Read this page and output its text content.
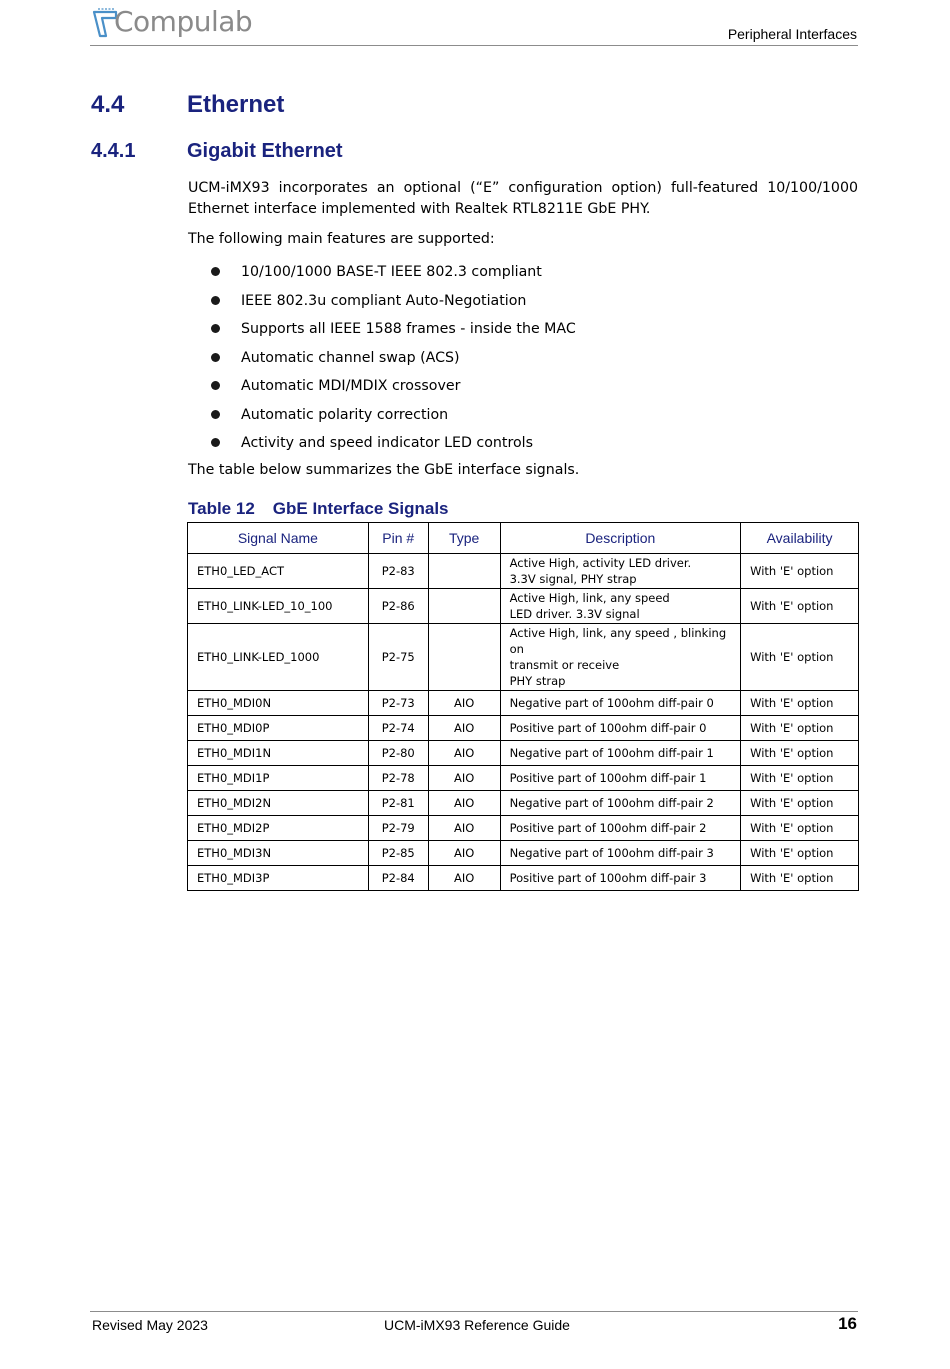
Compulab	Peripheral Interfaces
4.4	Ethernet
4.4.1	Gigabit Ethernet
UCM-iMX93 incorporates an optional (“E” configuration option) full-featured 10/100/1000 Ethernet interface implemented with Realtek RTL8211E GbE PHY.
The following main features are supported:
10/100/1000 BASE-T IEEE 802.3 compliant
IEEE 802.3u compliant Auto-Negotiation
Supports all IEEE 1588 frames - inside the MAC
Automatic channel swap (ACS)
Automatic MDI/MDIX crossover
Automatic polarity correction
Activity and speed indicator LED controls
The table below summarizes the GbE interface signals.
Table 12 GbE Interface Signals
Signal Name	Pin #	Type	Description	Availability
ETH0_LED_ACT	P2-83		Active High, activity LED driver.
3.3V signal, PHY strap	With 'E' option
ETH0_LINK-LED_10_100	P2-86		Active High, link, any speed
LED driver. 3.3V signal	With 'E' option
ETH0_LINK-LED_1000	P2-75		Active High, link, any speed , blinking on
transmit or receive
PHY strap	With 'E' option
ETH0_MDI0N	P2-73	AIO	Negative part of 100ohm diff-pair 0	With 'E' option
ETH0_MDI0P	P2-74	AIO	Positive part of 100ohm diff-pair 0	With 'E' option
ETH0_MDI1N	P2-80	AIO	Negative part of 100ohm diff-pair 1	With 'E' option
ETH0_MDI1P	P2-78	AIO	Positive part of 100ohm diff-pair 1	With 'E' option
ETH0_MDI2N	P2-81	AIO	Negative part of 100ohm diff-pair 2	With 'E' option
ETH0_MDI2P	P2-79	AIO	Positive part of 100ohm diff-pair 2	With 'E' option
ETH0_MDI3N	P2-85	AIO	Negative part of 100ohm diff-pair 3	With 'E' option
ETH0_MDI3P	P2-84	AIO	Positive part of 100ohm diff-pair 3	With 'E' option
Revised May 2023	UCM-iMX93 Reference Guide	16
